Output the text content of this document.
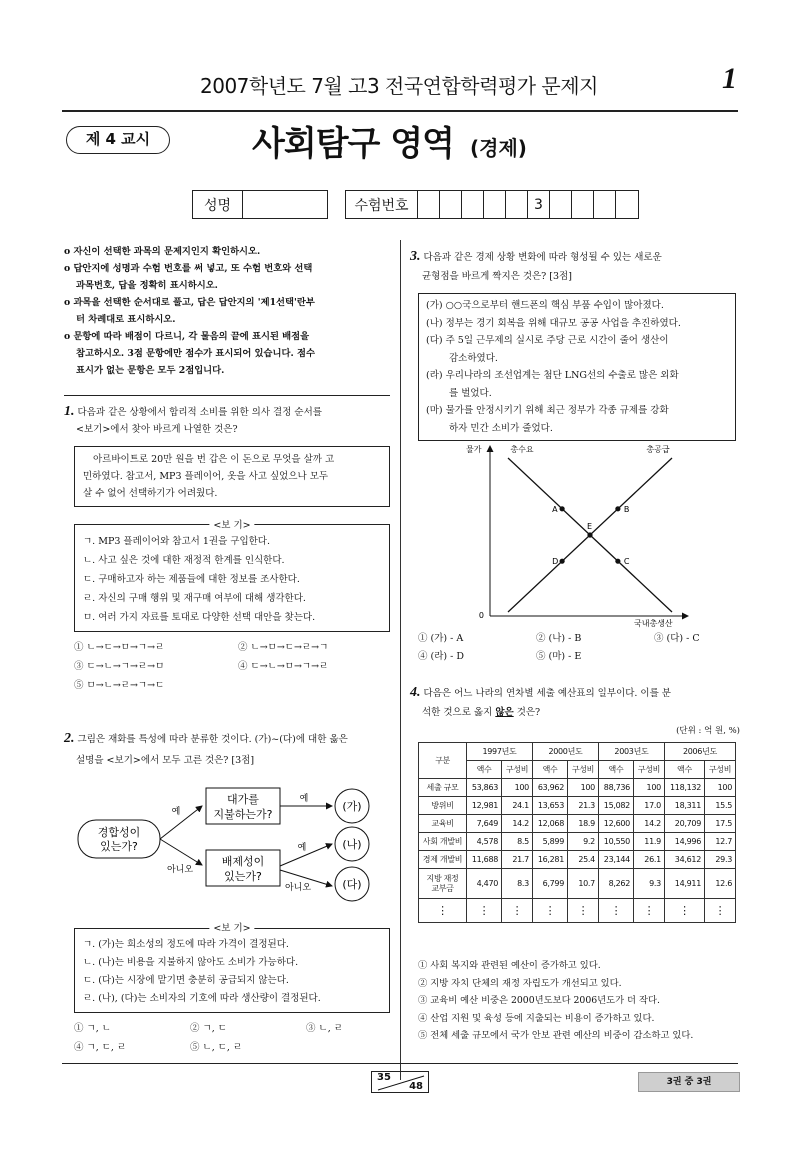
2007학년도 7월 고3 전국연합학력평가 문제지	1
제 4 교시	사회탐구 영역 (경제)
성명	수험번호	3
o 자신이 선택한 과목의 문제지인지 확인하시오.
o 답안지에 성명과 수험 번호를 써 넣고, 또 수험 번호와 선택
과목번호, 답을 정확히 표시하시오.
o 과목을 선택한 순서대로 풀고, 답은 답안지의 '제1선택'란부
터 차례대로 표시하시오.
o 문항에 따라 배점이 다르니, 각 물음의 끝에 표시된 배점을
참고하시오. 3점 문항에만 점수가 표시되어 있습니다. 점수
표시가 없는 문항은 모두 2점입니다.
1. 다음과 같은 상황에서 합리적 소비를 위한 의사 결정 순서를
<보기>에서 찾아 바르게 나열한 것은?
아르바이트로 20만 원을 번 갑은 이 돈으로 무엇을 살까 고
민하였다. 참고서, MP3 플레이어, 옷을 사고 싶었으나 모두
살 수 없어 선택하기가 어려웠다.
<보 기>
ㄱ. MP3 플레이어와 참고서 1권을 구입한다.
ㄴ. 사고 싶은 것에 대한 재정적 한계를 인식한다.
ㄷ. 구매하고자 하는 제품들에 대한 정보를 조사한다.
ㄹ. 자신의 구매 행위 및 재구매 여부에 대해 생각한다.
ㅁ. 여러 가지 자료를 토대로 다양한 선택 대안을 찾는다.
① ㄴ→ㄷ→ㅁ→ㄱ→ㄹ	② ㄴ→ㅁ→ㄷ→ㄹ→ㄱ
③ ㄷ→ㄴ→ㄱ→ㄹ→ㅁ	④ ㄷ→ㄴ→ㅁ→ㄱ→ㄹ
⑤ ㅁ→ㄴ→ㄹ→ㄱ→ㄷ
2. 그림은 재화를 특성에 따라 분류한 것이다. (가)~(다)에 대한 옳은
설명을 <보기>에서 모두 고른 것은? [3점]
경합성이
있는가?
예
아니오
대가를
지불하는가?
배제성이
있는가?
예
예
아니오
(가)
(나)
(다)
<보 기>
ㄱ. (가)는 희소성의 정도에 따라 가격이 결정된다.
ㄴ. (나)는 비용을 지불하지 않아도 소비가 가능하다.
ㄷ. (다)는 시장에 맡기면 충분히 공급되지 않는다.
ㄹ. (나), (다)는 소비자의 기호에 따라 생산량이 결정된다.
① ㄱ, ㄴ	② ㄱ, ㄷ	③ ㄴ, ㄹ
④ ㄱ, ㄷ, ㄹ	⑤ ㄴ, ㄷ, ㄹ
3. 다음과 같은 경제 상황 변화에 따라 형성될 수 있는 새로운
균형점을 바르게 짝지은 것은? [3점]
(가) ○○국으로부터 핸드폰의 핵심 부품 수입이 많아졌다.
(나) 정부는 경기 회복을 위해 대규모 공공 사업을 추진하였다.
(다) 주 5일 근무제의 실시로 주당 근로 시간이 줄어 생산이
감소하였다.
(라) 우리나라의 조선업계는 첨단 LNG선의 수출로 많은 외화
를 벌었다.
(마) 물가를 안정시키기 위해 최근 정부가 각종 규제를 강화
하자 민간 소비가 줄었다.
물가
국내총생산
0
총수요	총공급
A	B
E
D	C
① (가) - A	② (나) - B	③ (다) - C
④ (라) - D	⑤ (마) - E
4. 다음은 어느 나라의 연차별 세출 예산표의 일부이다. 이를 분
석한 것으로 옳지 않은 것은?
(단위 : 억 원, %)
구분	1997년도		2000년도		2003년도		2006년도	
	액수	구성비	액수	구성비	액수	구성비	액수	구성비
세출 규모	53,863	100	63,962	100	88,736	100	118,132	100
방위비	12,981	24.1	13,653	21.3	15,082	17.0	18,311	15.5
교육비	7,649	14.2	12,068	18.9	12,600	14.2	20,709	17.5
사회 개발비	4,578	8.5	5,899	9.2	10,550	11.9	14,996	12.7
경제 개발비	11,688	21.7	16,281	25.4	23,144	26.1	34,612	29.3
지방 재정 교부금	4,470	8.3	6,799	10.7	8,262	9.3	14,911	12.6
⋮	⋮	⋮	⋮	⋮	⋮	⋮	⋮	⋮
① 사회 복지와 관련된 예산이 증가하고 있다.
② 지방 자치 단체의 재정 자립도가 개선되고 있다.
③ 교육비 예산 비중은 2000년도보다 2006년도가 더 작다.
④ 산업 지원 및 육성 등에 지출되는 비용이 증가하고 있다.
⑤ 전체 세출 규모에서 국가 안보 관련 예산의 비중이 감소하고 있다.
35
48	3권 중 3권
